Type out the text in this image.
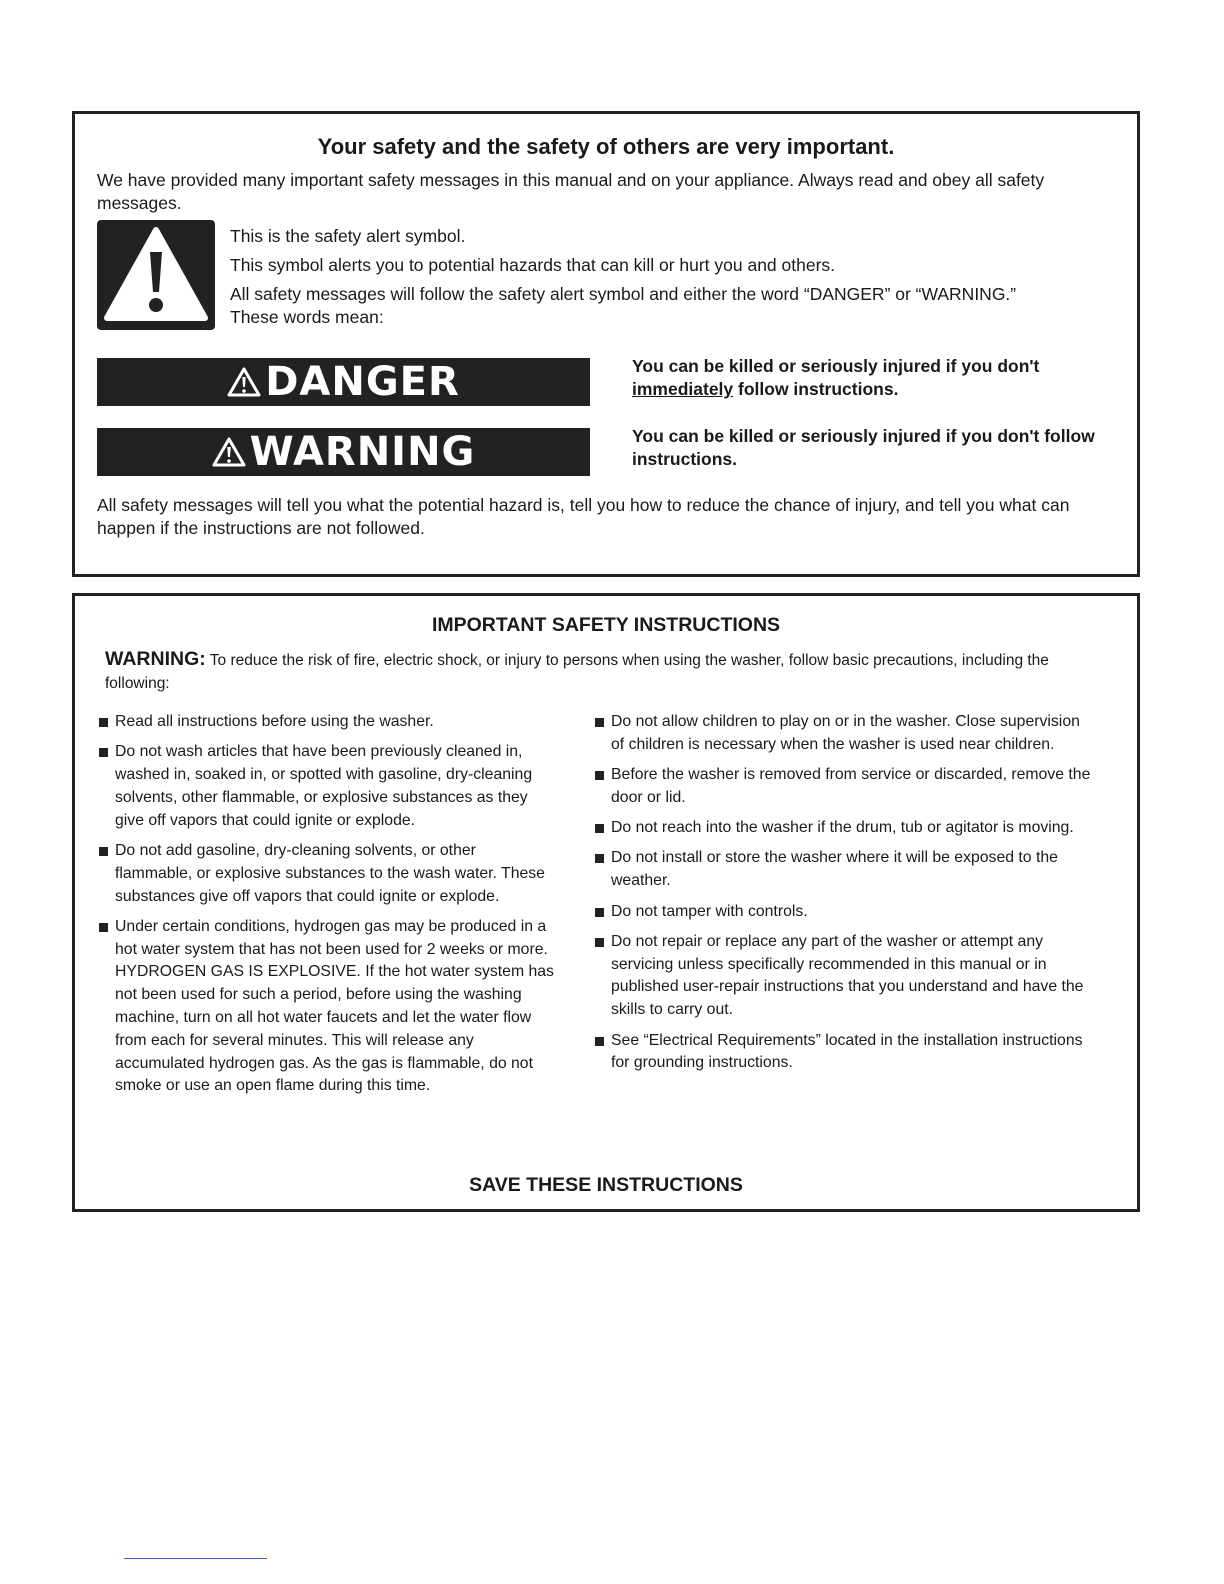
Your safety and the safety of others are very important.
We have provided many important safety messages in this manual and on your appliance. Always read and obey all safety messages.
This is the safety alert symbol.
This symbol alerts you to potential hazards that can kill or hurt you and others.
All safety messages will follow the safety alert symbol and either the word “DANGER” or “WARNING.” These words mean:
DANGER	You can be killed or seriously injured if you don't immediately follow instructions.
WARNING	You can be killed or seriously injured if you don't follow instructions.
All safety messages will tell you what the potential hazard is, tell you how to reduce the chance of injury, and tell you what can happen if the instructions are not followed.
IMPORTANT SAFETY INSTRUCTIONS
WARNING: To reduce the risk of fire, electric shock, or injury to persons when using the washer, follow basic precautions, including the following:
Read all instructions before using the washer.
Do not wash articles that have been previously cleaned in, washed in, soaked in, or spotted with gasoline, dry-cleaning solvents, other flammable, or explosive substances as they give off vapors that could ignite or explode.
Do not add gasoline, dry-cleaning solvents, or other flammable, or explosive substances to the wash water. These substances give off vapors that could ignite or explode.
Under certain conditions, hydrogen gas may be produced in a hot water system that has not been used for 2 weeks or more. HYDROGEN GAS IS EXPLOSIVE. If the hot water system has not been used for such a period, before using the washing machine, turn on all hot water faucets and let the water flow from each for several minutes. This will release any accumulated hydrogen gas. As the gas is flammable, do not smoke or use an open flame during this time.
Do not allow children to play on or in the washer. Close supervision of children is necessary when the washer is used near children.
Before the washer is removed from service or discarded, remove the door or lid.
Do not reach into the washer if the drum, tub or agitator is moving.
Do not install or store the washer where it will be exposed to the weather.
Do not tamper with controls.
Do not repair or replace any part of the washer or attempt any servicing unless specifically recommended in this manual or in published user-repair instructions that you understand and have the skills to carry out.
See “Electrical Requirements” located in the installation instructions for grounding instructions.
SAVE THESE INSTRUCTIONS
